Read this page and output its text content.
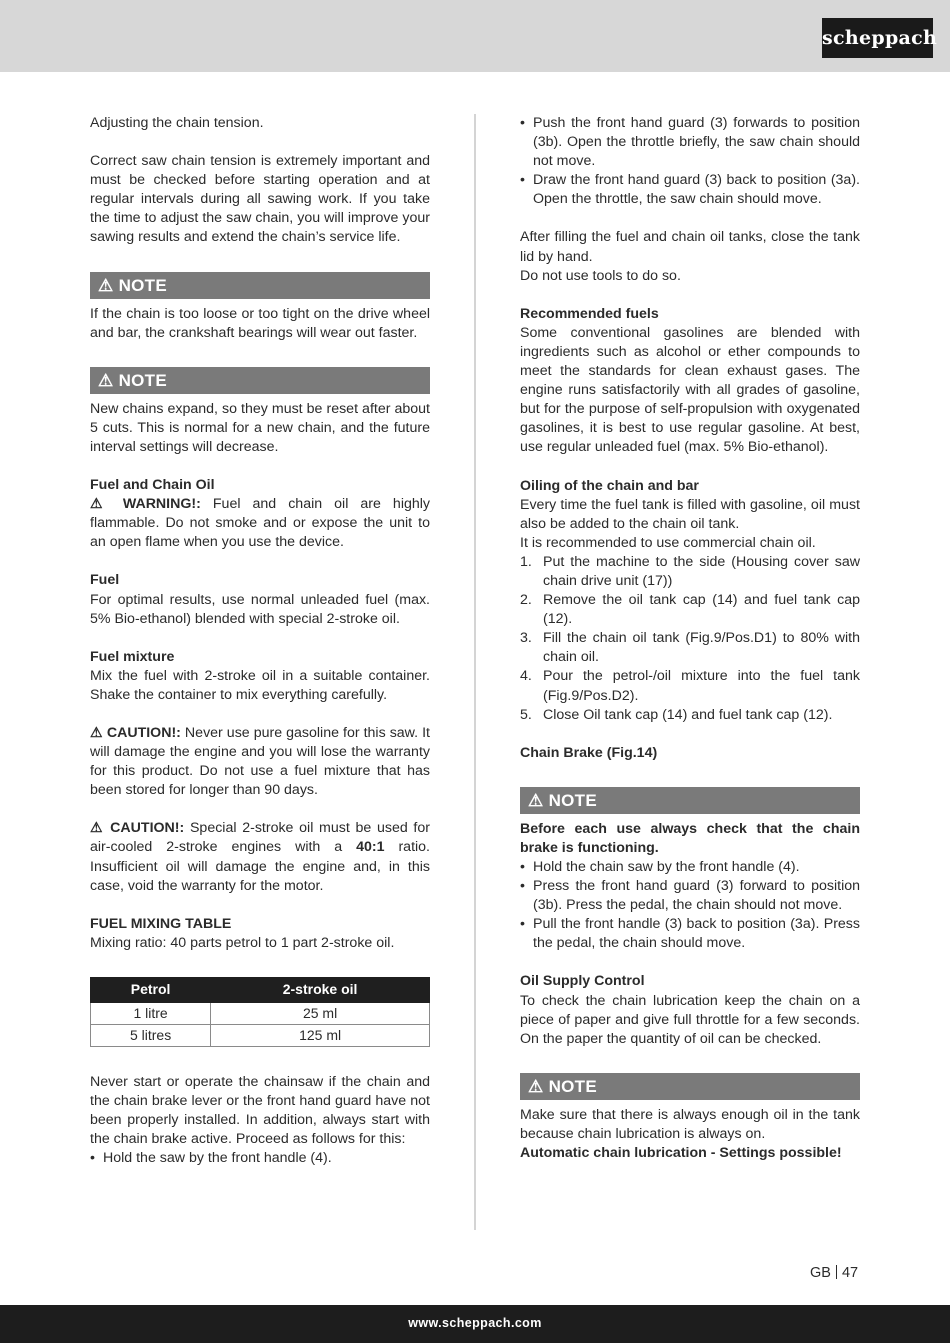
scheppach

Adjusting the chain tension.

Correct saw chain tension is extremely important and must be checked before starting operation and at regular intervals during all sawing work. If you take the time to adjust the saw chain, you will improve your sawing results and extend the chain’s service life.

⚠ NOTE

If the chain is too loose or too tight on the drive wheel and bar, the crankshaft bearings will wear out faster.

⚠ NOTE

New chains expand, so they must be reset after about 5 cuts. This is normal for a new chain, and the future interval settings will decrease.

Fuel and Chain Oil

⚠ WARNING!: Fuel and chain oil are highly flammable. Do not smoke and or expose the unit to an open flame when you use the device.

Fuel

For optimal results, use normal unleaded fuel (max. 5% Bio-ethanol) blended with special 2-stroke oil.

Fuel mixture

Mix the fuel with 2-stroke oil in a suitable container. Shake the container to mix everything carefully.

⚠ CAUTION!: Never use pure gasoline for this saw. It will damage the engine and you will lose the warranty for this product. Do not use a fuel mixture that has been stored for longer than 90 days.

⚠ CAUTION!: Special 2-stroke oil must be used for air-cooled 2-stroke engines with a 40:1 ratio. Insufficient oil will damage the engine and, in this case, void the warranty for the motor.

FUEL MIXING TABLE

Mixing ratio: 40 parts petrol to 1 part 2-stroke oil.

Petrol	2-stroke oil
1 litre	25 ml
5 litres	125 ml

Never start or operate the chainsaw if the chain and the chain brake lever or the front hand guard have not been properly installed. In addition, always start with the chain brake active. Proceed as follows for this:

• Hold the saw by the front handle (4).
• Push the front hand guard (3) forwards to position (3b). Open the throttle briefly, the saw chain should not move.
• Draw the front hand guard (3) back to position (3a). Open the throttle, the saw chain should move.

After filling the fuel and chain oil tanks, close the tank lid by hand.

Do not use tools to do so.

Recommended fuels

Some conventional gasolines are blended with ingredients such as alcohol or ether compounds to meet the standards for clean exhaust gases. The engine runs satisfactorily with all grades of gasoline, but for the purpose of self-propulsion with oxygenated gasolines, it is best to use regular gasoline. At best, use regular unleaded fuel (max. 5% Bio-ethanol).

Oiling of the chain and bar

Every time the fuel tank is filled with gasoline, oil must also be added to the chain oil tank.

It is recommended to use commercial chain oil.

1. Put the machine to the side (Housing cover saw chain drive unit (17))
2. Remove the oil tank cap (14) and fuel tank cap (12).
3. Fill the chain oil tank (Fig.9/Pos.D1) to 80% with chain oil.
4. Pour the petrol-/oil mixture into the fuel tank (Fig.9/Pos.D2).
5. Close Oil tank cap (14) and fuel tank cap (12).

Chain Brake (Fig.14)

⚠ NOTE

Before each use always check that the chain brake is functioning.

• Hold the chain saw by the front handle (4).
• Press the front hand guard (3) forward to position (3b). Press the pedal, the chain should not move.
• Pull the front handle (3) back to position (3a). Press the pedal, the chain should move.

Oil Supply Control

To check the chain lubrication keep the chain on a piece of paper and give full throttle for a few seconds. On the paper the quantity of oil can be checked.

⚠ NOTE

Make sure that there is always enough oil in the tank because chain lubrication is always on.

Automatic chain lubrication - Settings possible!

GB 47
www.scheppach.com
